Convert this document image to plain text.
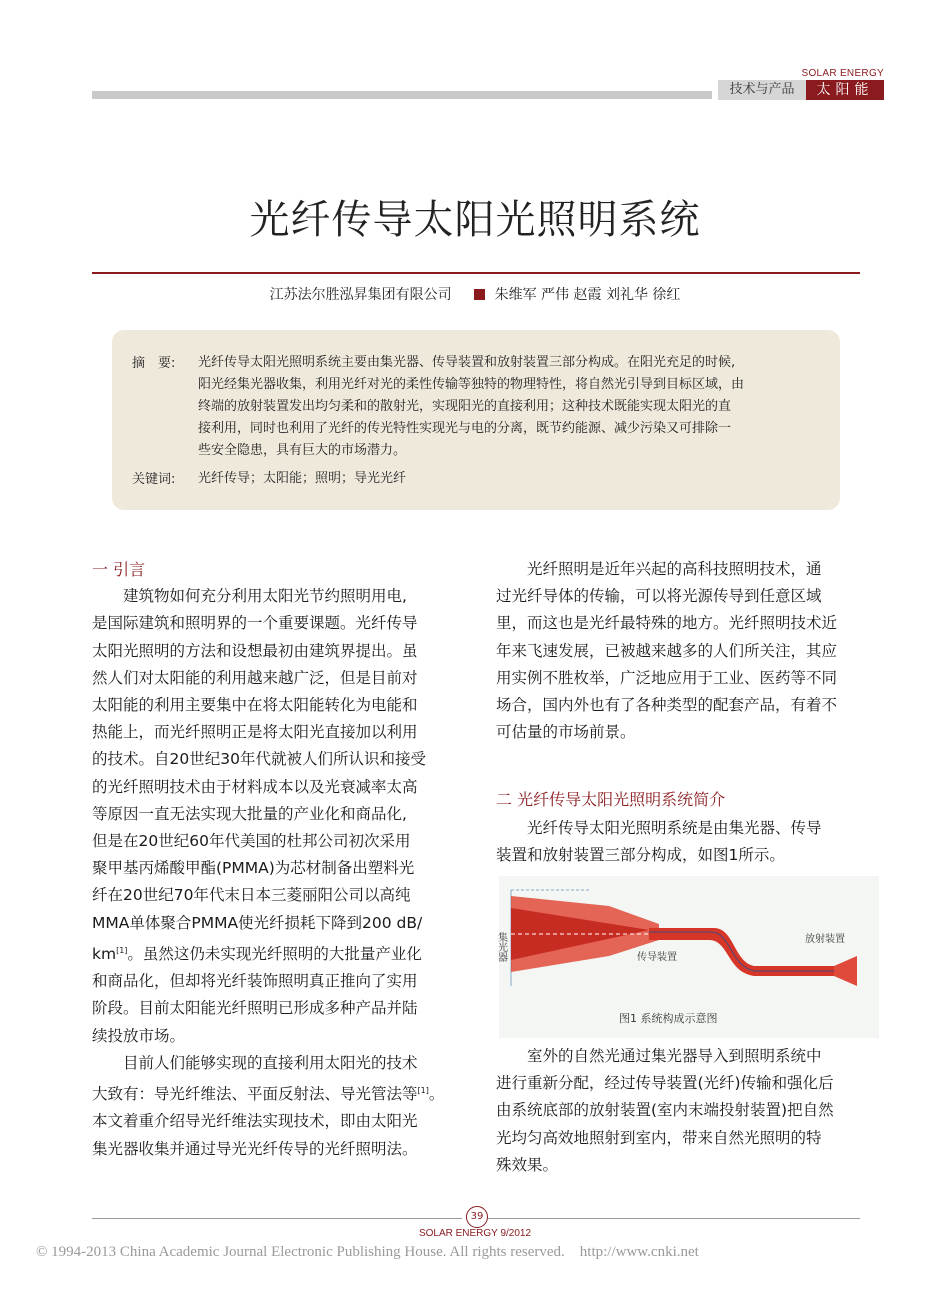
SOLAR ENERGY
技术与产品	太阳能
光纤传导太阳光照明系统
江苏法尔胜泓昇集团有限公司	朱维军 严伟 赵霞 刘礼华 徐红
摘　要: 光纤传导太阳光照明系统主要由集光器、传导装置和放射装置三部分构成。在阳光充足的时候,
阳光经集光器收集，利用光纤对光的柔性传输等独特的物理特性，将自然光引导到目标区域，由
终端的放射装置发出均匀柔和的散射光，实现阳光的直接利用；这种技术既能实现太阳光的直
接利用，同时也利用了光纤的传光特性实现光与电的分离，既节约能源、减少污染又可排除一
些安全隐患，具有巨大的市场潜力。
关键词: 光纤传导；太阳能；照明；导光光纤
一 引言
建筑物如何充分利用太阳光节约照明用电,
是国际建筑和照明界的一个重要课题。光纤传导
太阳光照明的方法和设想最初由建筑界提出。虽
然人们对太阳能的利用越来越广泛，但是目前对
太阳能的利用主要集中在将太阳能转化为电能和
热能上，而光纤照明正是将太阳光直接加以利用
的技术。自20世纪30年代就被人们所认识和接受
的光纤照明技术由于材料成本以及光衰减率太高
等原因一直无法实现大批量的产业化和商品化,
但是在20世纪60年代美国的杜邦公司初次采用
聚甲基丙烯酸甲酯(PMMA)为芯材制备出塑料光
纤在20世纪70年代末日本三菱丽阳公司以高纯
MMA单体聚合PMMA使光纤损耗下降到200 dB/
km[1]。虽然这仍未实现光纤照明的大批量产业化
和商品化，但却将光纤装饰照明真正推向了实用
阶段。目前太阳能光纤照明已形成多种产品并陆
续投放市场。
目前人们能够实现的直接利用太阳光的技术
大致有：导光纤维法、平面反射法、导光管法等[1]。
本文着重介绍导光纤维法实现技术，即由太阳光
集光器收集并通过导光光纤传导的光纤照明法。
光纤照明是近年兴起的高科技照明技术，通
过光纤导体的传输，可以将光源传导到任意区域
里，而这也是光纤最特殊的地方。光纤照明技术近
年来飞速发展，已被越来越多的人们所关注，其应
用实例不胜枚举，广泛地应用于工业、医药等不同
场合，国内外也有了各种类型的配套产品，有着不
可估量的市场前景。
二 光纤传导太阳光照明系统简介
光纤传导太阳光照明系统是由集光器、传导
装置和放射装置三部分构成，如图1所示。
集光器	传导装置
放射装置
图1 系统构成示意图
室外的自然光通过集光器导入到照明系统中
进行重新分配，经过传导装置(光纤)传输和强化后
由系统底部的放射装置(室内末端投射装置)把自然
光均匀高效地照射到室内，带来自然光照明的特
殊效果。
39
SOLAR ENERGY 9/2012
© 1994-2013 China Academic Journal Electronic Publishing House. All rights reserved.    http://www.cnki.net
